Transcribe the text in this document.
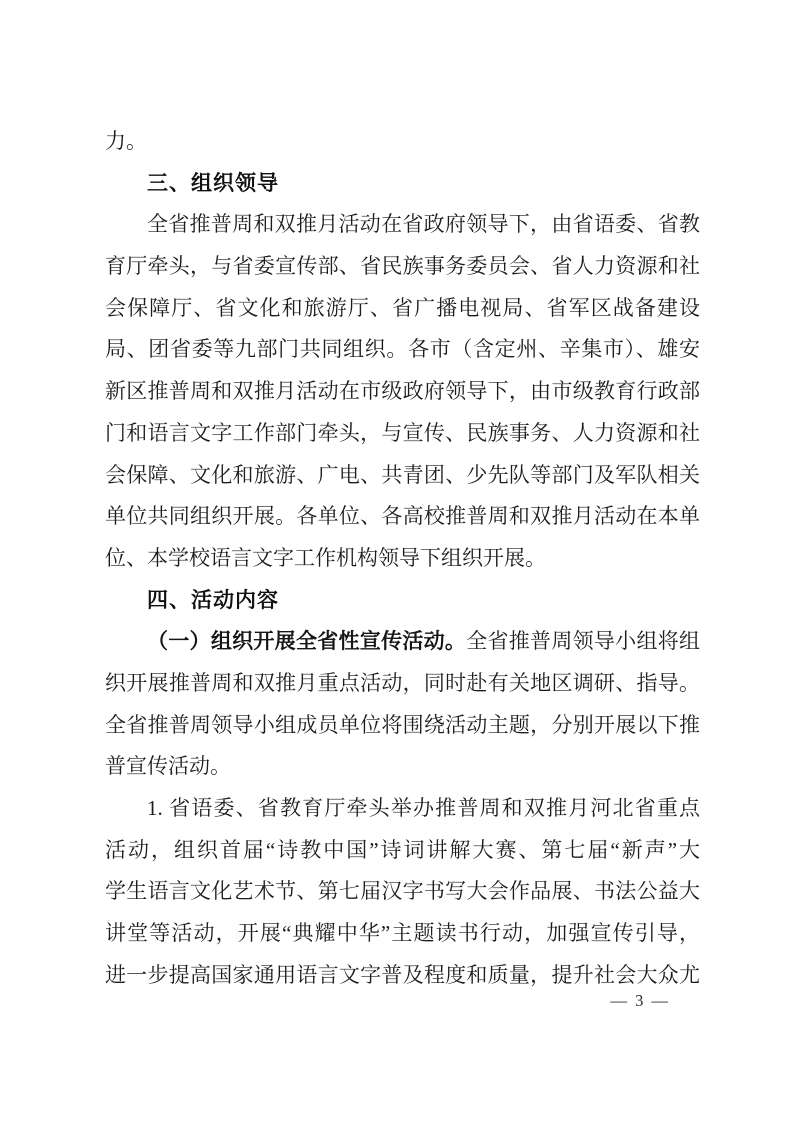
力。
三、组织领导
全省推普周和双推月活动在省政府领导下，由省语委、省教
育厅牵头，与省委宣传部、省民族事务委员会、省人力资源和社
会保障厅、省文化和旅游厅、省广播电视局、省军区战备建设
局、团省委等九部门共同组织。各市（含定州、辛集市）、雄安
新区推普周和双推月活动在市级政府领导下，由市级教育行政部
门和语言文字工作部门牵头，与宣传、民族事务、人力资源和社
会保障、文化和旅游、广电、共青团、少先队等部门及军队相关
单位共同组织开展。各单位、各高校推普周和双推月活动在本单
位、本学校语言文字工作机构领导下组织开展。
四、活动内容
（一）组织开展全省性宣传活动。全省推普周领导小组将组
织开展推普周和双推月重点活动，同时赴有关地区调研、指导。
全省推普周领导小组成员单位将围绕活动主题，分别开展以下推
普宣传活动。
1. 省语委、省教育厅牵头举办推普周和双推月河北省重点
活动，组织首届“诗教中国”诗词讲解大赛、第七届“新声”大
学生语言文化艺术节、第七届汉字书写大会作品展、书法公益大
讲堂等活动，开展“典耀中华”主题读书行动，加强宣传引导，
进一步提高国家通用语言文字普及程度和质量，提升社会大众尤
— 3 —
